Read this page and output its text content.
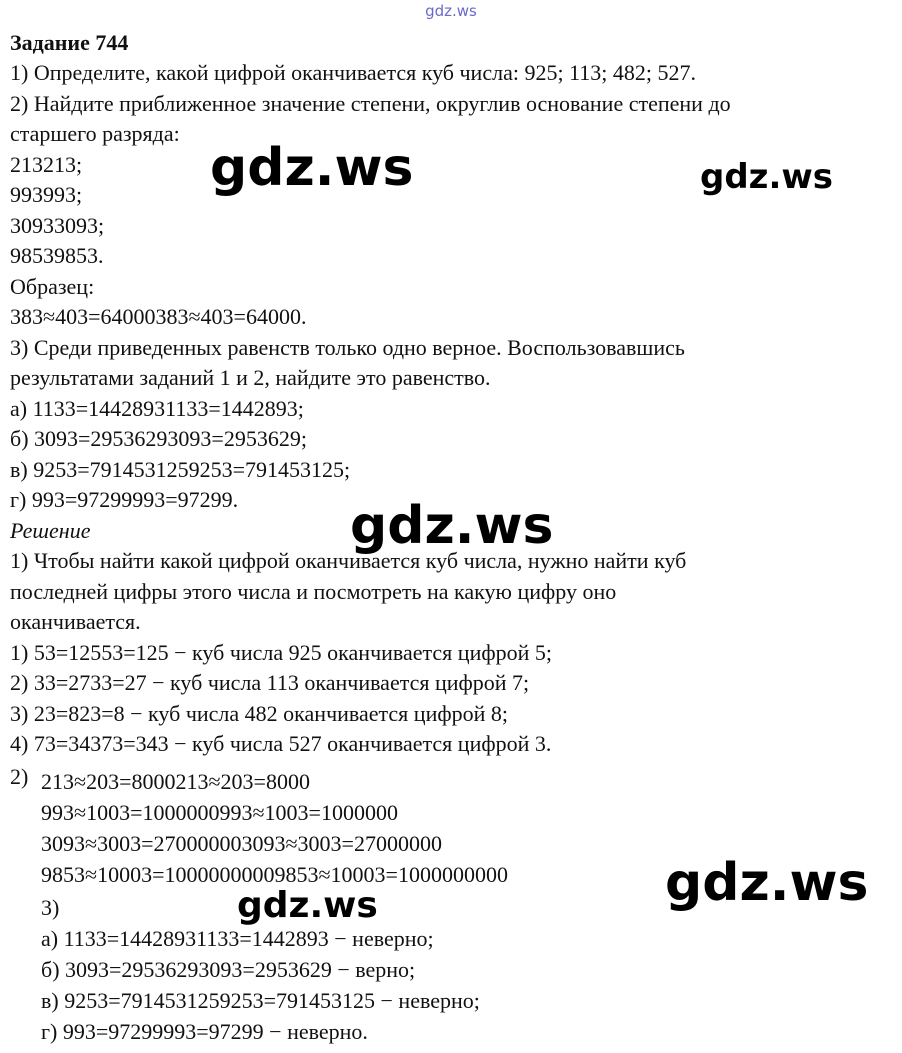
gdz.ws
Задание 744
1) Определите, какой цифрой оканчивается куб числа: 925; 113; 482; 527.
2) Найдите приближенное значение степени, округлив основание степени до
старшего разряда:
213213;
993993;
30933093;
98539853.
Образец:
383≈403=64000383≈403=64000.
3) Среди приведенных равенств только одно верное. Воспользовавшись
результатами заданий 1 и 2, найдите это равенство.
а) 1133=14428931133=1442893;
б) 3093=29536293093=2953629;
в) 9253=7914531259253=791453125;
г) 993=97299993=97299.
Решение
1) Чтобы найти какой цифрой оканчивается куб числа, нужно найти куб
последней цифры этого числа и посмотреть на какую цифру оно
оканчивается.
1) 53=12553=125 − куб числа 925 оканчивается цифрой 5;
2) 33=2733=27 − куб числа 113 оканчивается цифрой 7;
3) 23=823=8 − куб числа 482 оканчивается цифрой 8;
4) 73=34373=343 − куб числа 527 оканчивается цифрой 3.
2) 213≈203=8000213≈203=8000
993≈1003=1000000993≈1003=1000000
3093≈3003=270000003093≈3003=27000000
9853≈10003=10000000009853≈10003=1000000000
3)
а) 1133=14428931133=1442893 − неверно;
б) 3093=29536293093=2953629 − верно;
в) 9253=7914531259253=791453125 − неверно;
г) 993=97299993=97299 − неверно.
gdz.ws	gdz.ws
gdz.ws
gdz.ws
gdz.ws
